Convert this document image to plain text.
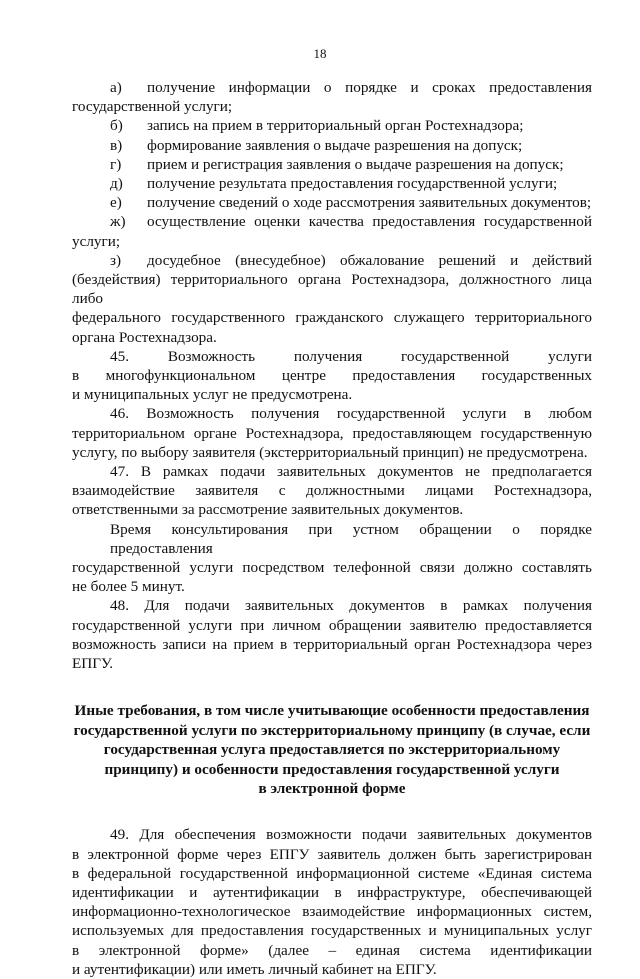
18

а) получение информации о порядке и сроках предоставления

государственной услуги;

б) запись на прием в территориальный орган Ростехнадзора;

в) формирование заявления о выдаче разрешения на допуск;

г) прием и регистрация заявления о выдаче разрешения на допуск;

д) получение результата предоставления государственной услуги;

е) получение сведений о ходе рассмотрения заявительных документов;

ж) осуществление оценки качества предоставления государственной

услуги;

з) досудебное (внесудебное) обжалование решений и действий

(бездействия) территориального органа Ростехнадзора, должностного лица либо

федерального государственного гражданского служащего территориального

органа Ростехнадзора.

45. Возможность получения государственной услуги

в многофункциональном центре предоставления государственных

и муниципальных услуг не предусмотрена.

46. Возможность получения государственной услуги в любом

территориальном органе Ростехнадзора, предоставляющем государственную

услугу, по выбору заявителя (экстерриториальный принцип) не предусмотрена.

47. В рамках подачи заявительных документов не предполагается

взаимодействие заявителя с должностными лицами Ростехнадзора,

ответственными за рассмотрение заявительных документов.

Время консультирования при устном обращении о порядке предоставления

государственной услуги посредством телефонной связи должно составлять

не более 5 минут.

48. Для подачи заявительных документов в рамках получения

государственной услуги при личном обращении заявителю предоставляется

возможность записи на прием в территориальный орган Ростехнадзора через

ЕПГУ.

Иные требования, в том числе учитывающие особенности предоставления
государственной услуги по экстерриториальному принципу (в случае, если
государственная услуга предоставляется по экстерриториальному
принципу) и особенности предоставления государственной услуги
в электронной форме

49. Для обеспечения возможности подачи заявительных документов

в электронной форме через ЕПГУ заявитель должен быть зарегистрирован

в федеральной государственной информационной системе «Единая система

идентификации и аутентификации в инфраструктуре, обеспечивающей

информационно-технологическое взаимодействие информационных систем,

используемых для предоставления государственных и муниципальных услуг

в электронной форме» (далее – единая система идентификации

и аутентификации) или иметь личный кабинет на ЕПГУ.
